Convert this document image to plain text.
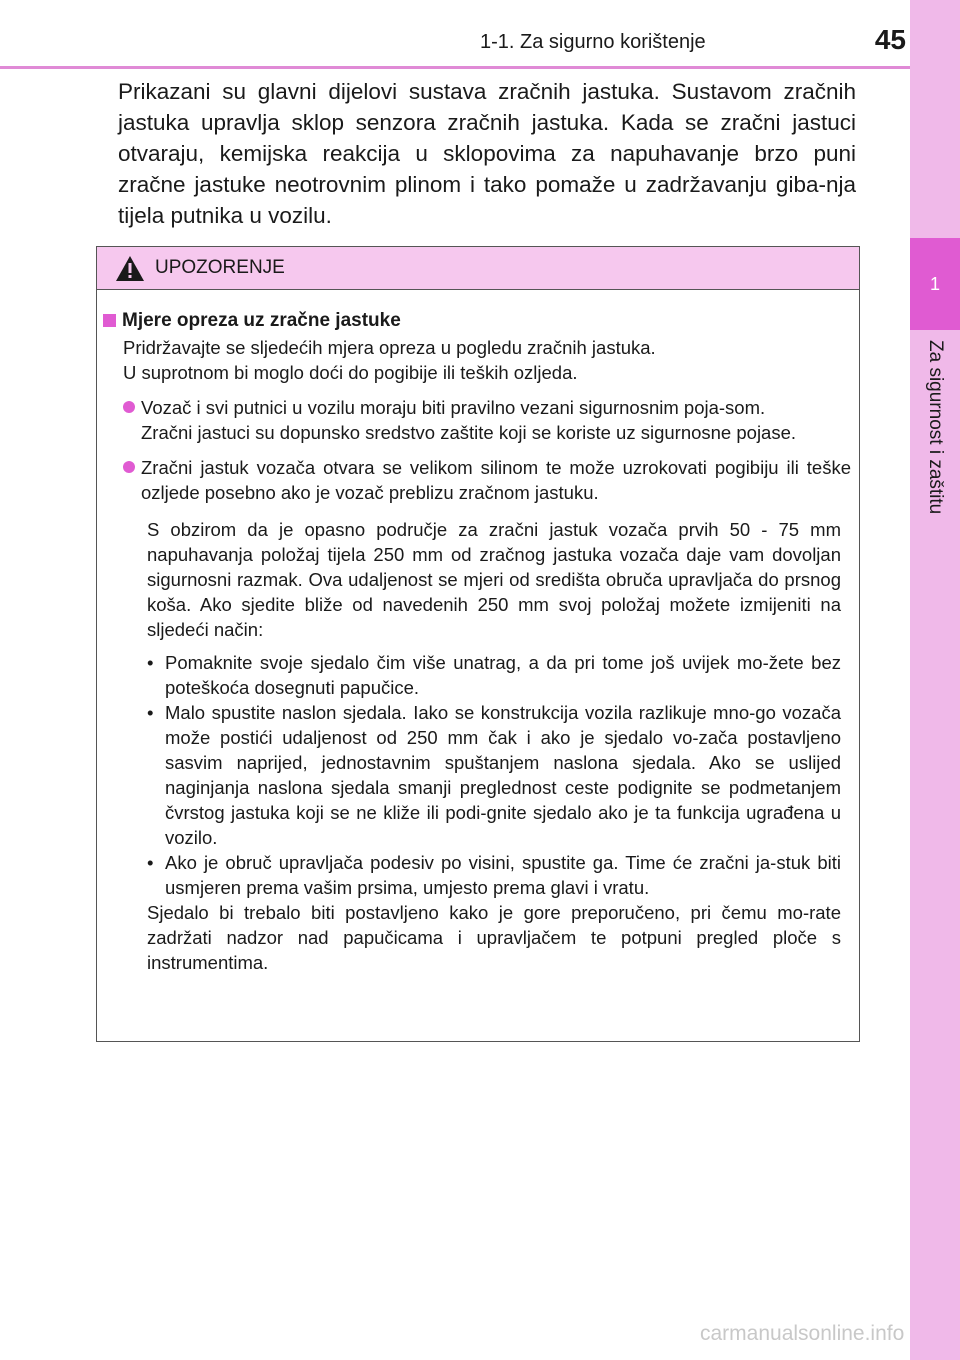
1-1. Za sigurno korištenje	45
1
Za sigurnost i zaštitu

Prikazani su glavni dijelovi sustava zračnih jastuka. Sustavom zračnih jastuka upravlja sklop senzora zračnih jastuka. Kada se zračni jastuci otvaraju, kemijska reakcija u sklopovima za napuhavanje brzo puni zračne jastuke neotrovnim plinom i tako pomaže u zadržavanju giba-nja tijela putnika u vozilu.

UPOZORENJE
Mjere opreza uz zračne jastuke

Pridržavajte se sljedećih mjera opreza u pogledu zračnih jastuka.

U suprotnom bi moglo doći do pogibije ili teških ozljeda.

Vozač i svi putnici u vozilu moraju biti pravilno vezani sigurnosnim poja-som.

Zračni jastuci su dopunsko sredstvo zaštite koji se koriste uz sigurnosne pojase.

Zračni jastuk vozača otvara se velikom silinom te može uzrokovati pogibiju ili teške ozljede posebno ako je vozač preblizu zračnom jastuku.

S obzirom da je opasno područje za zračni jastuk vozača prvih 50 - 75 mm napuhavanja položaj tijela 250 mm od zračnog jastuka vozača daje vam dovoljan sigurnosni razmak. Ova udaljenost se mjeri od središta obruča upravljača do prsnog koša. Ako sjedite bliže od navedenih 250 mm svoj položaj možete izmijeniti na sljedeći način:

• Pomaknite svoje sjedalo čim više unatrag, a da pri tome još uvijek mo-žete bez poteškoća dosegnuti papučice.
• Malo spustite naslon sjedala. Iako se konstrukcija vozila razlikuje mno-go vozača može postići udaljenost od 250 mm čak i ako je sjedalo vo-zača postavljeno sasvim naprijed, jednostavnim spuštanjem naslona sjedala. Ako se uslijed naginjanja naslona sjedala smanji preglednost ceste podignite se podmetanjem čvrstog jastuka koji se ne kliže ili podi-gnite sjedalo ako je ta funkcija ugrađena u vozilo.
• Ako je obruč upravljača podesiv po visini, spustite ga. Time će zračni ja-stuk biti usmjeren prema vašim prsima, umjesto prema glavi i vratu.

Sjedalo bi trebalo biti postavljeno kako je gore preporučeno, pri čemu mo-rate zadržati nadzor nad papučicama i upravljačem te potpuni pregled ploče s instrumentima.

carmanualsonline.info
